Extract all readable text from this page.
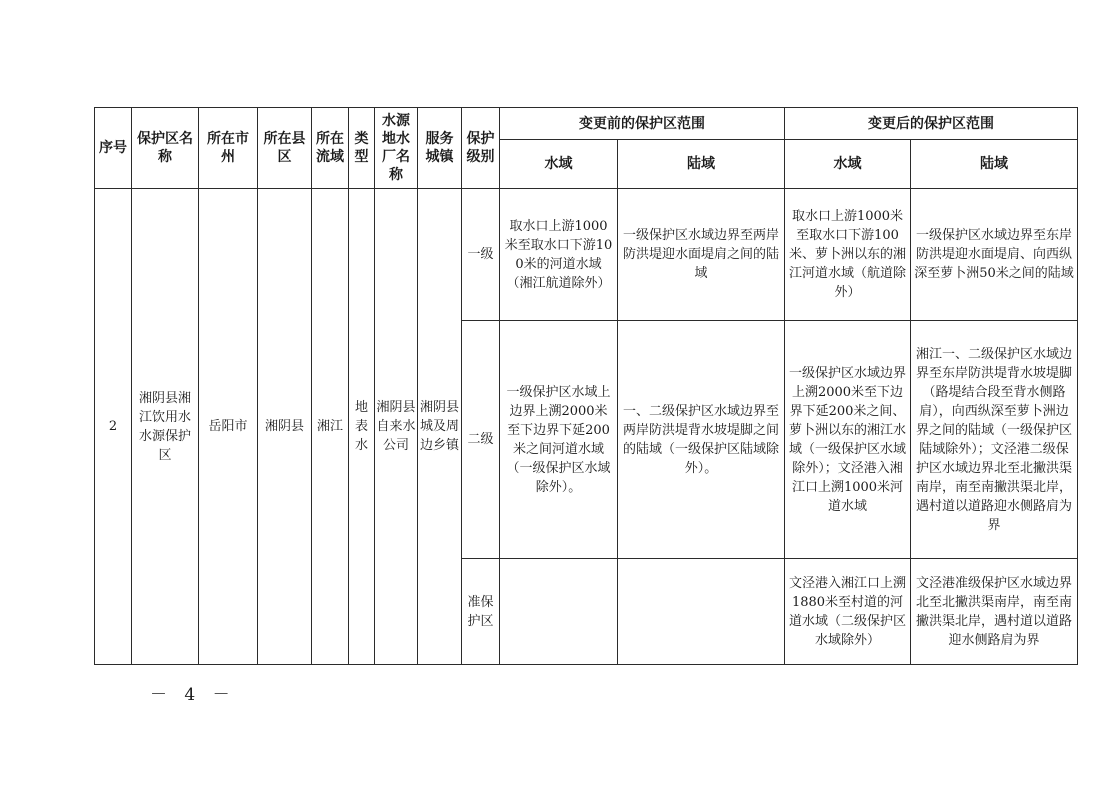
序号	保护区名称	所在市州	所在县区	所在流域	类型	水源地水厂名称	服务城镇	保护级别	变更前的保护区范围		变更后的保护区范围	
									水域	陆域	水域	陆域
2	湘阴县湘江饮用水水源保护区	岳阳市	湘阴县	湘江	地表水	湘阴县自来水公司	湘阴县城及周边乡镇	一级	取水口上游1000米至取水口下游100米的河道水域（湘江航道除外）	一级保护区水域边界至两岸防洪堤迎水面堤肩之间的陆域	取水口上游1000米至取水口下游100米、萝卜洲以东的湘江河道水域（航道除外）	一级保护区水域边界至东岸防洪堤迎水面堤肩、向西纵深至萝卜洲50米之间的陆域
								二级	一级保护区水域上边界上溯2000米至下边界下延200米之间河道水域（一级保护区水域除外）。	一、二级保护区水域边界至两岸防洪堤背水坡堤脚之间的陆域（一级保护区陆域除外）。	一级保护区水域边界上溯2000米至下边界下延200米之间、萝卜洲以东的湘江水域（一级保护区水域除外）；文泾港入湘江口上溯1000米河道水域	湘江一、二级保护区水域边界至东岸防洪堤背水坡堤脚（路堤结合段至背水侧路肩），向西纵深至萝卜洲边界之间的陆域（一级保护区陆域除外）；文泾港二级保护区水域边界北至北撇洪渠南岸，南至南撇洪渠北岸，遇村道以道路迎水侧路肩为界
								准保护区			文泾港入湘江口上溯1880米至村道的河道水域（二级保护区水域除外）	文泾港准级保护区水域边界北至北撇洪渠南岸，南至南撇洪渠北岸，遇村道以道路迎水侧路肩为界
－ 4 －
